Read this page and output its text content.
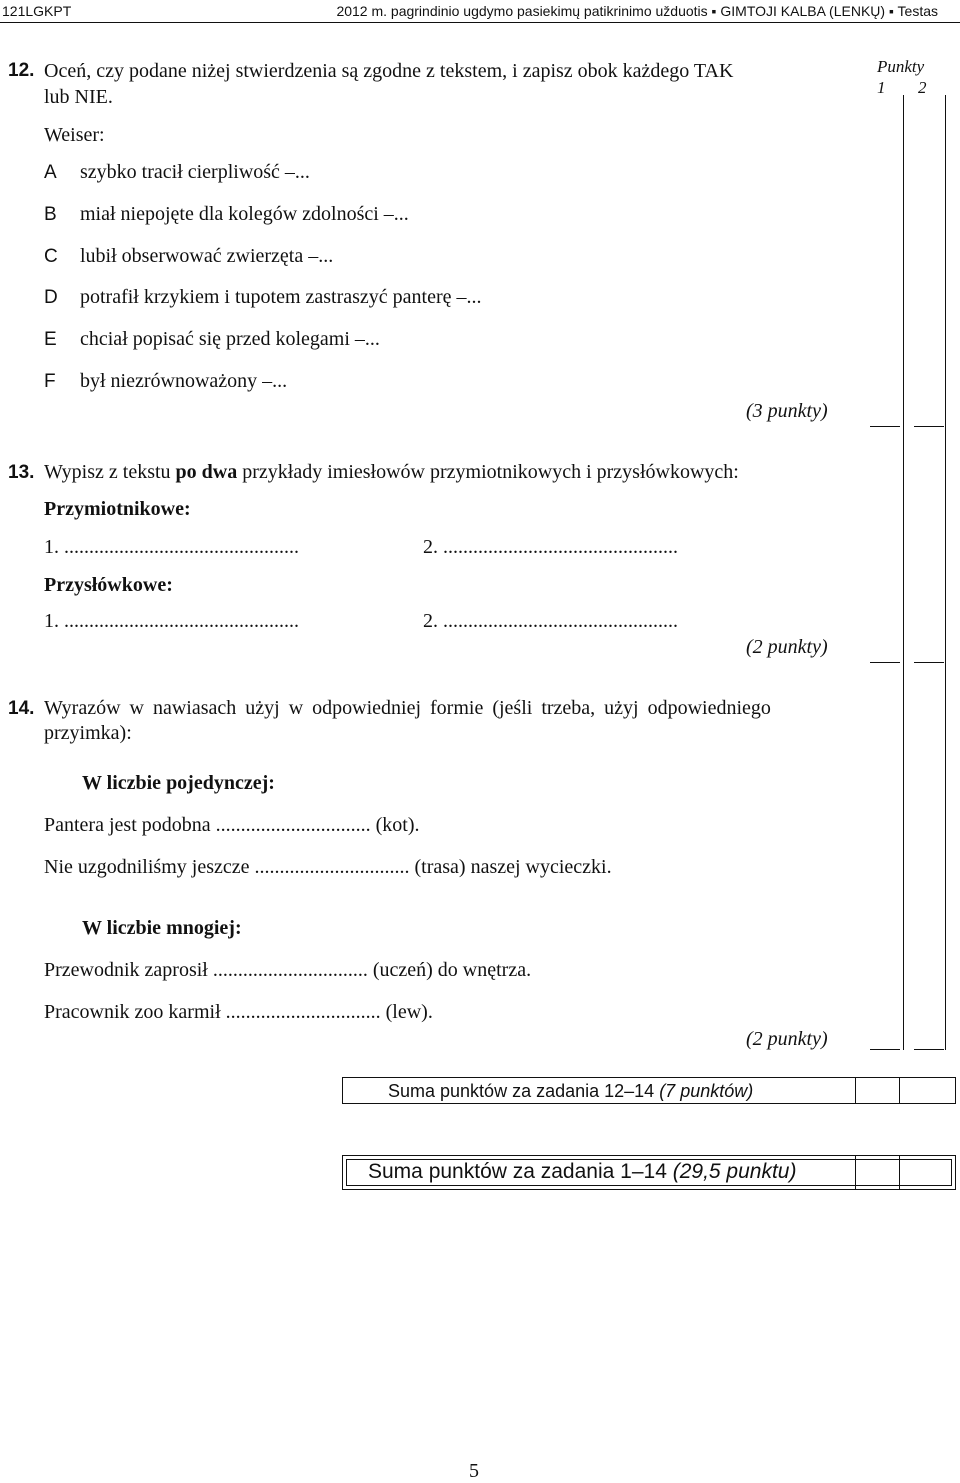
121LGKPT	2012 m. pagrindinio ugdymo pasiekimų patikrinimo užduotis ▪ GIMTOJI KALBA (LENKŲ) ▪ Testas
Punkty
1 2
12. Oceń, czy podane niżej stwierdzenia są zgodne z tekstem, i zapisz obok każdego TAK
lub NIE.
Weiser:
A szybko tracił cierpliwość –...
B miał niepojęte dla kolegów zdolności –...
C lubił obserwować zwierzęta –...
D potrafił krzykiem i tupotem zastraszyć panterę –...
E chciał popisać się przed kolegami –...
F był niezrównoważony –...
(3 punkty)
13. Wypisz z tekstu po dwa przykłady imiesłowów przymiotnikowych i przysłówkowych:
Przymiotnikowe:
1. ...............................................	2. ...............................................
Przysłówkowe:
1. ...............................................	2. ...............................................
(2 punkty)
14. Wyrazów w nawiasach użyj w odpowiedniej formie (jeśli trzeba, użyj odpowiedniego
przyimka):
W liczbie pojedynczej:
Pantera jest podobna ............................... (kot).
Nie uzgodniliśmy jeszcze ............................... (trasa) naszej wycieczki.
W liczbie mnogiej:
Przewodnik zaprosił ............................... (uczeń) do wnętrza.
Pracownik zoo karmił ............................... (lew).
(2 punkty)
Suma punktów za zadania 12–14 (7 punktów)
Suma punktów za zadania 1–14 (29,5 punktu)
5
